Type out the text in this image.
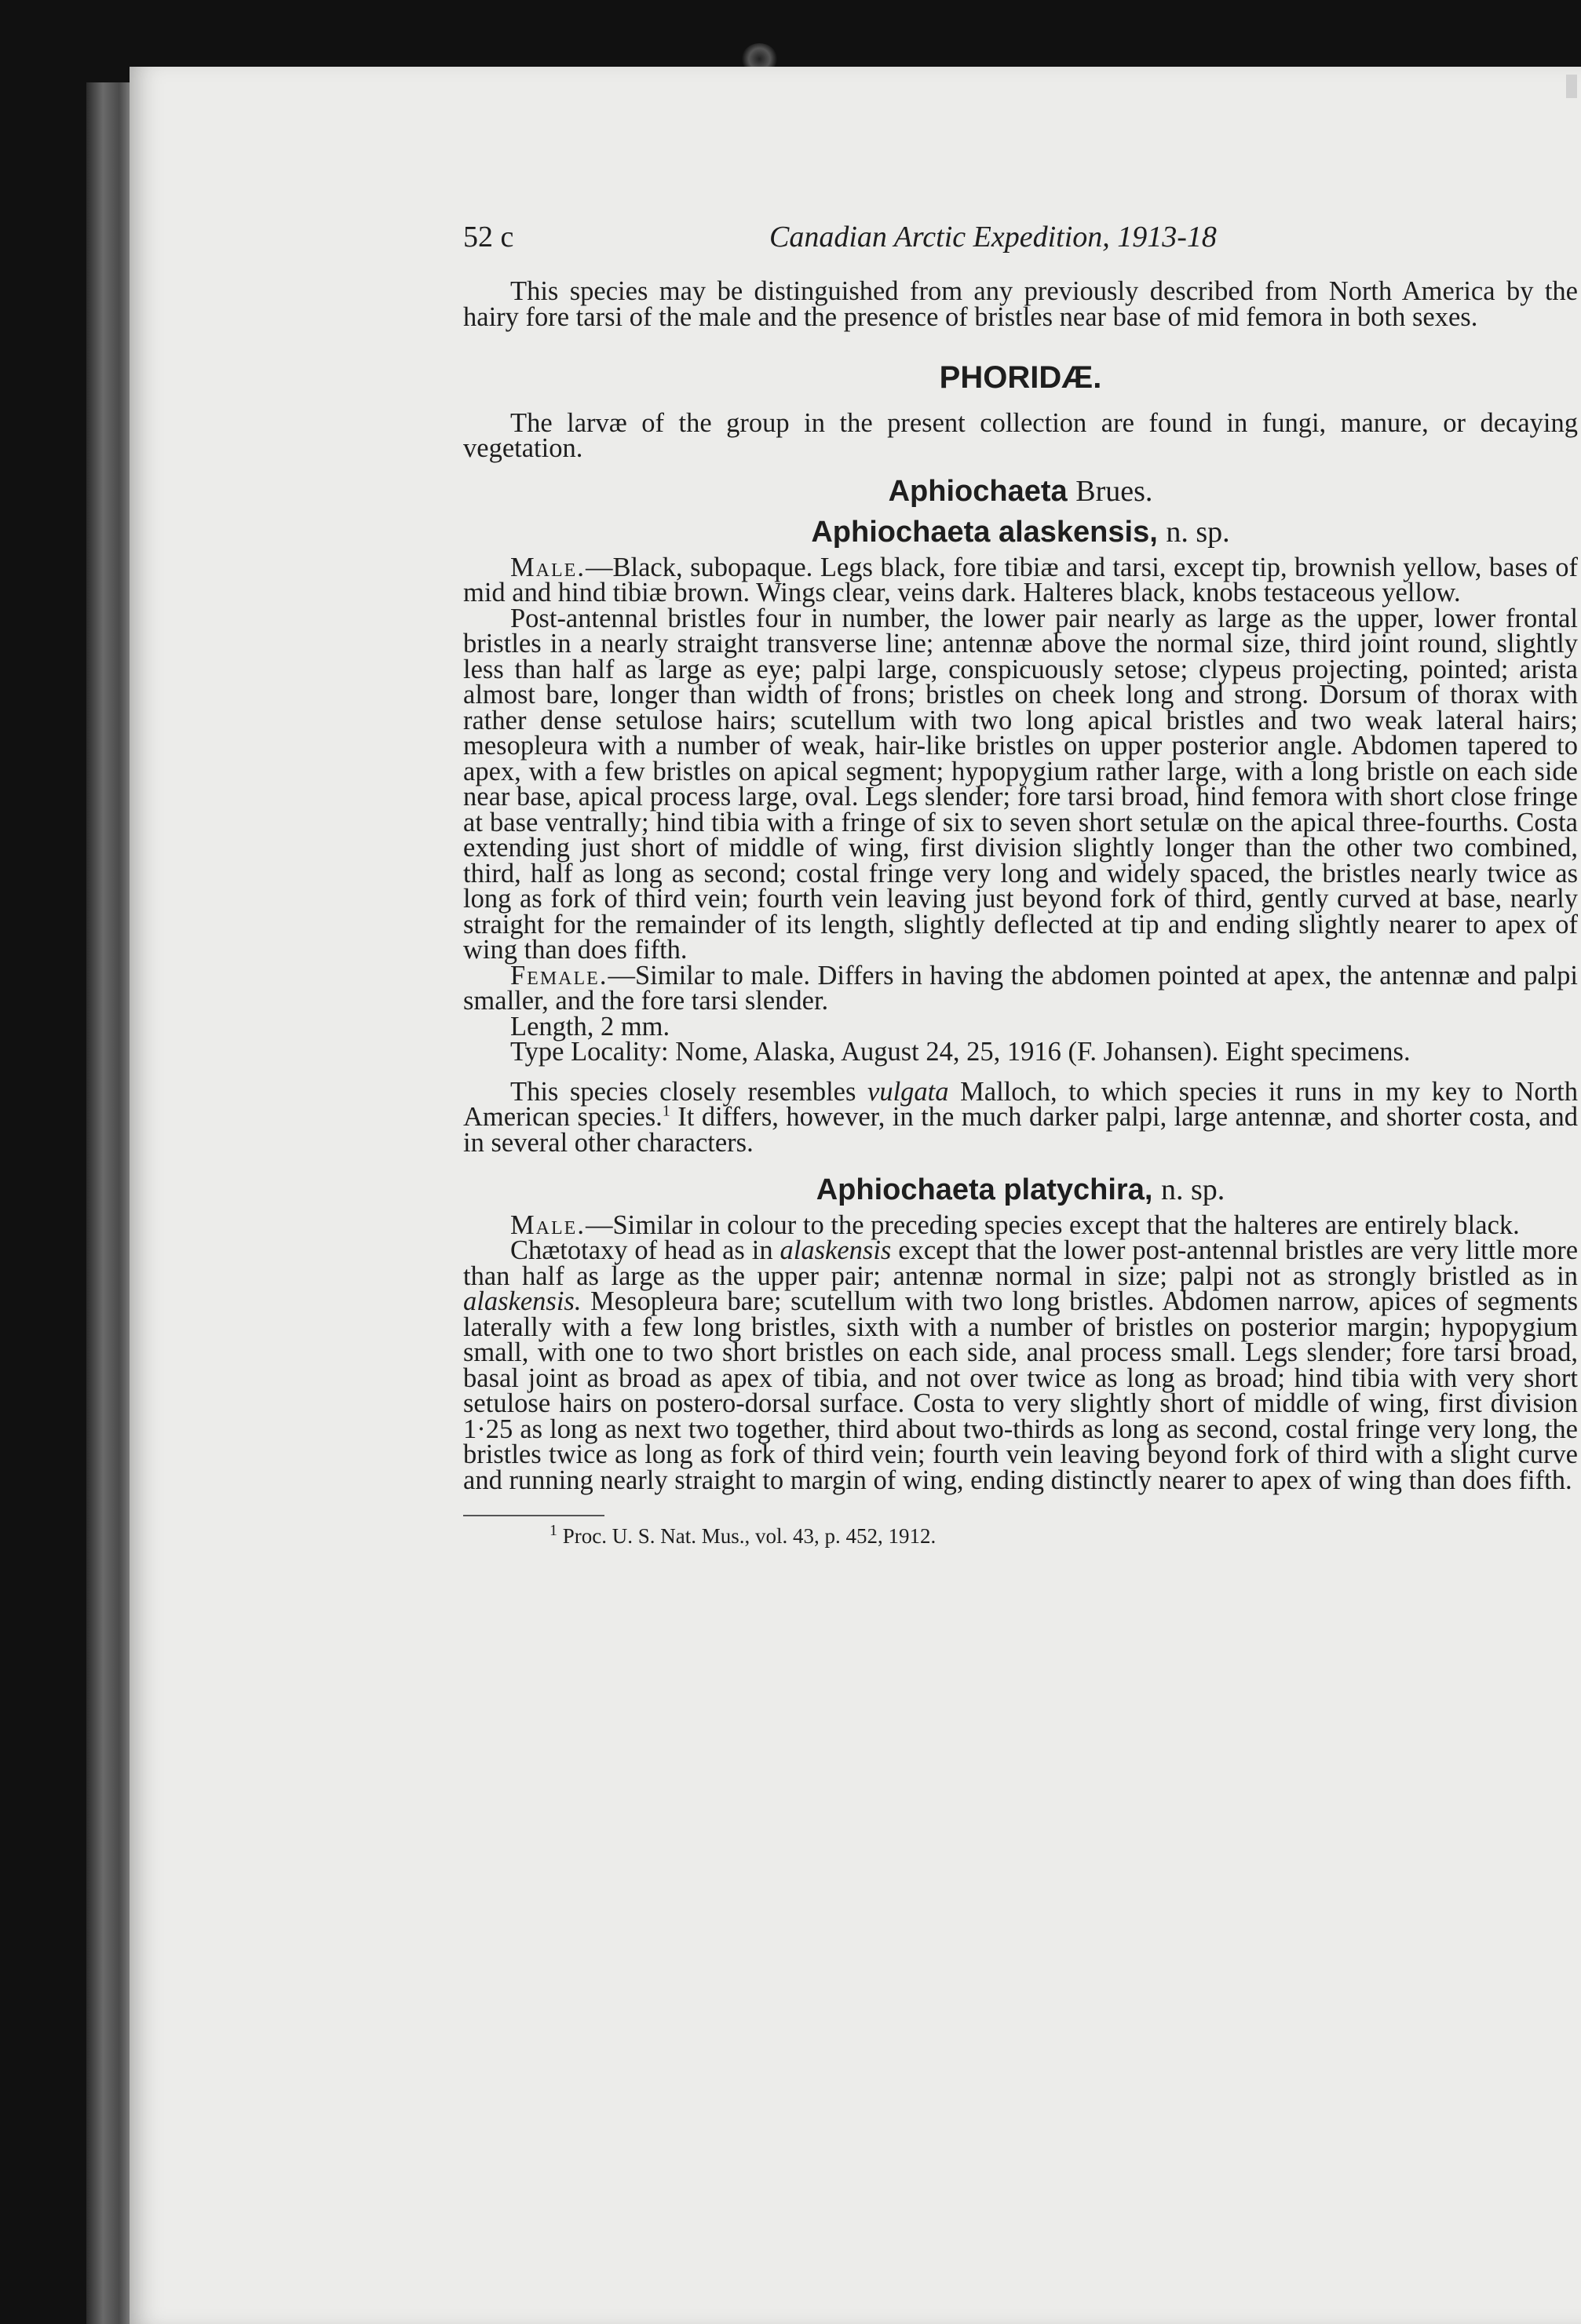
52 c	Canadian Arctic Expedition, 1913-18

This species may be distinguished from any previously described from North America by the hairy fore tarsi of the male and the presence of bristles near base of mid femora in both sexes.

PHORIDÆ.

The larvæ of the group in the present collection are found in fungi, manure, or decaying vegetation.

Aphiochaeta Brues.
Aphiochaeta alaskensis, n. sp.

Male.—Black, subopaque. Legs black, fore tibiæ and tarsi, except tip, brownish yellow, bases of mid and hind tibiæ brown. Wings clear, veins dark. Halteres black, knobs testaceous yellow.

Post-antennal bristles four in number, the lower pair nearly as large as the upper, lower frontal bristles in a nearly straight transverse line; antennæ above the normal size, third joint round, slightly less than half as large as eye; palpi large, conspicuously setose; clypeus projecting, pointed; arista almost bare, longer than width of frons; bristles on cheek long and strong. Dorsum of thorax with rather dense setulose hairs; scutellum with two long apical bristles and two weak lateral hairs; mesopleura with a number of weak, hair-like bristles on upper posterior angle. Abdomen tapered to apex, with a few bristles on apical segment; hypopygium rather large, with a long bristle on each side near base, apical process large, oval. Legs slender; fore tarsi broad, hind femora with short close fringe at base ventrally; hind tibia with a fringe of six to seven short setulæ on the apical three-fourths. Costa extending just short of middle of wing, first division slightly longer than the other two combined, third, half as long as second; costal fringe very long and widely spaced, the bristles nearly twice as long as fork of third vein; fourth vein leaving just beyond fork of third, gently curved at base, nearly straight for the remainder of its length, slightly deflected at tip and ending slightly nearer to apex of wing than does fifth.

Female.—Similar to male. Differs in having the abdomen pointed at apex, the antennæ and palpi smaller, and the fore tarsi slender.

Length, 2 mm.

Type Locality: Nome, Alaska, August 24, 25, 1916 (F. Johansen). Eight specimens.

This species closely resembles vulgata Malloch, to which species it runs in my key to North American species.$^1$ It differs, however, in the much darker palpi, large antennæ, and shorter costa, and in several other characters.

Aphiochaeta platychira, n. sp.

Male.—Similar in colour to the preceding species except that the halteres are entirely black.

Chætotaxy of head as in alaskensis except that the lower post-antennal bristles are very little more than half as large as the upper pair; antennæ normal in size; palpi not as strongly bristled as in alaskensis. Mesopleura bare; scutellum with two long bristles. Abdomen narrow, apices of segments laterally with a few long bristles, sixth with a number of bristles on posterior margin; hypopygium small, with one to two short bristles on each side, anal process small. Legs slender; fore tarsi broad, basal joint as broad as apex of tibia, and not over twice as long as broad; hind tibia with very short setulose hairs on postero-dorsal surface. Costa to very slightly short of middle of wing, first division 1·25 as long as next two together, third about two-thirds as long as second, costal fringe very long, the bristles twice as long as fork of third vein; fourth vein leaving beyond fork of third with a slight curve and running nearly straight to margin of wing, ending distinctly nearer to apex of wing than does fifth.

$^1$ Proc. U. S. Nat. Mus., vol. 43, p. 452, 1912.
